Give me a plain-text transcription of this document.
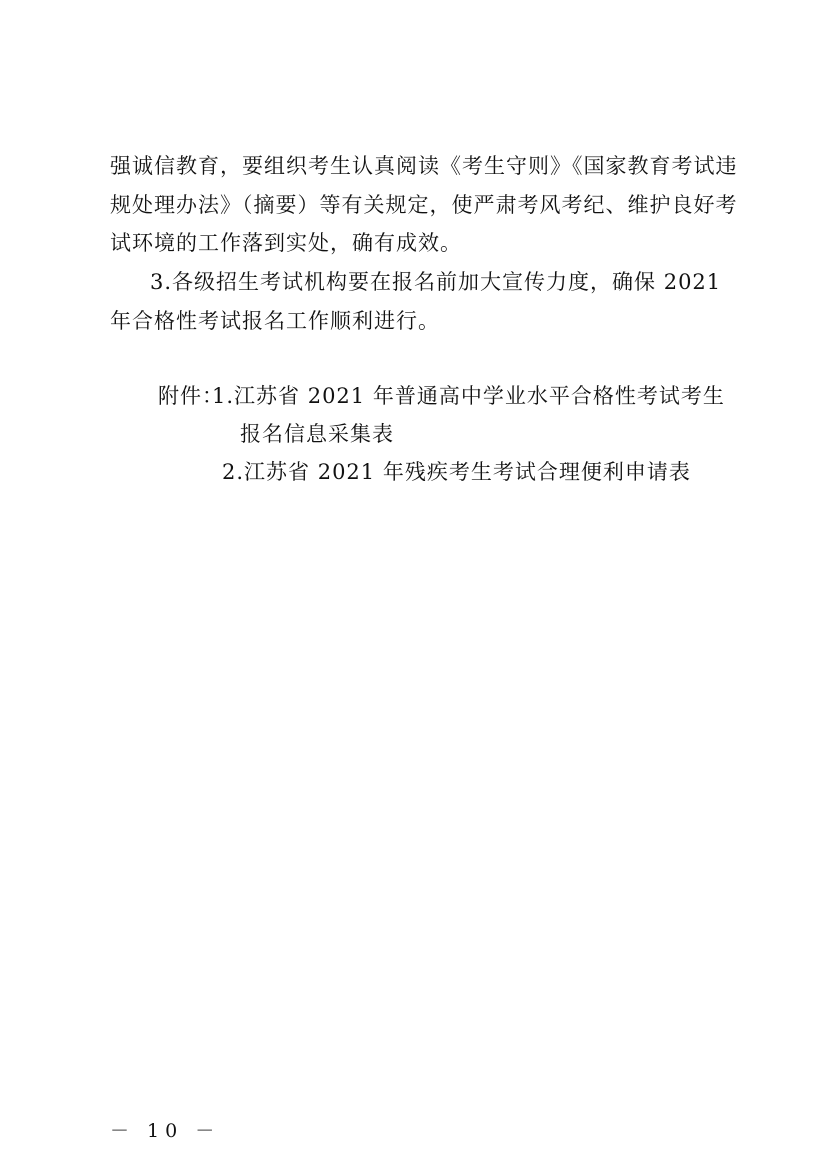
强诚信教育，要组织考生认真阅读《考生守则》《国家教育考试违
规处理办法》（摘要）等有关规定，使严肃考风考纪、维护良好考
试环境的工作落到实处，确有成效。
3.各级招生考试机构要在报名前加大宣传力度，确保 2021
年合格性考试报名工作顺利进行。
附件：
1.江苏省 2021 年普通高中学业水平合格性考试考生
报名信息采集表
2.江苏省 2021 年残疾考生考试合理便利申请表
－ 10 －
